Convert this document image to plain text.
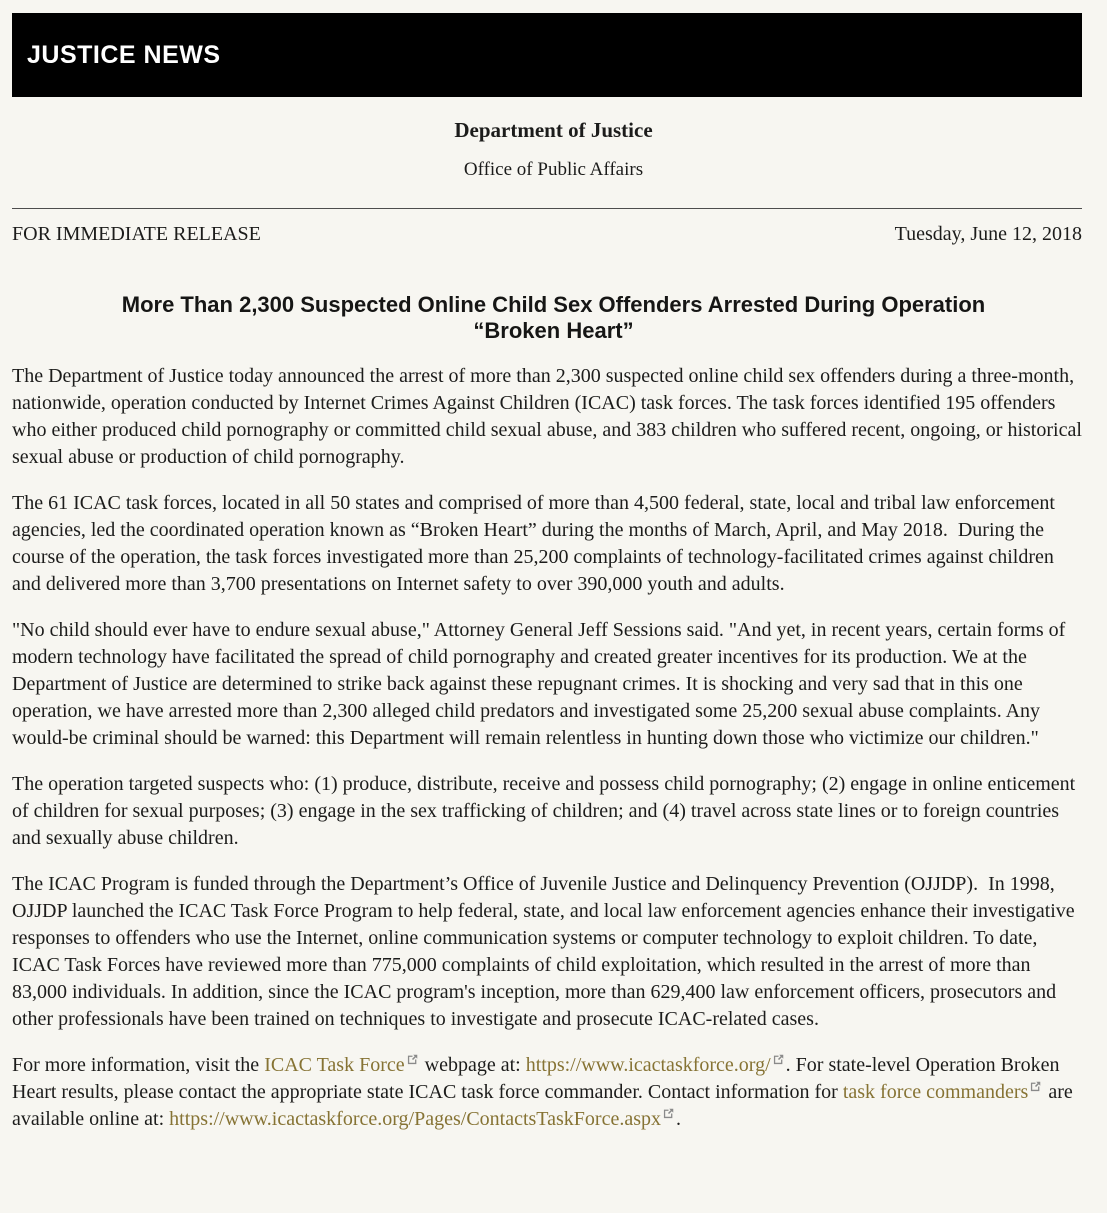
JUSTICE NEWS
Department of Justice
Office of Public Affairs
FOR IMMEDIATE RELEASE	Tuesday, June 12, 2018
More Than 2,300 Suspected Online Child Sex Offenders Arrested During Operation
“Broken Heart”

The Department of Justice today announced the arrest of more than 2,300 suspected online child sex offenders during a three-month, nationwide, operation conducted by Internet Crimes Against Children (ICAC) task forces. The task forces identified 195 offenders who either produced child pornography or committed child sexual abuse, and 383 children who suffered recent, ongoing, or historical sexual abuse or production of child pornography.

The 61 ICAC task forces, located in all 50 states and comprised of more than 4,500 federal, state, local and tribal law enforcement agencies, led the coordinated operation known as “Broken Heart” during the months of March, April, and May 2018.  During the course of the operation, the task forces investigated more than 25,200 complaints of technology-facilitated crimes against children and delivered more than 3,700 presentations on Internet safety to over 390,000 youth and adults.

"No child should ever have to endure sexual abuse," Attorney General Jeff Sessions said. "And yet, in recent years, certain forms of modern technology have facilitated the spread of child pornography and created greater incentives for its production. We at the Department of Justice are determined to strike back against these repugnant crimes. It is shocking and very sad that in this one operation, we have arrested more than 2,300 alleged child predators and investigated some 25,200 sexual abuse complaints. Any would-be criminal should be warned: this Department will remain relentless in hunting down those who victimize our children."

The operation targeted suspects who: (1) produce, distribute, receive and possess child pornography; (2) engage in online enticement of children for sexual purposes; (3) engage in the sex trafficking of children; and (4) travel across state lines or to foreign countries and sexually abuse children.

The ICAC Program is funded through the Department’s Office of Juvenile Justice and Delinquency Prevention (OJJDP).  In 1998, OJJDP launched the ICAC Task Force Program to help federal, state, and local law enforcement agencies enhance their investigative responses to offenders who use the Internet, online communication systems or computer technology to exploit children. To date, ICAC Task Forces have reviewed more than 775,000 complaints of child exploitation, which resulted in the arrest of more than 83,000 individuals. In addition, since the ICAC program's inception, more than 629,400 law enforcement officers, prosecutors and other professionals have been trained on techniques to investigate and prosecute ICAC-related cases.

For more information, visit the ICAC Task Force webpage at: https://www.icactaskforce.org/ . For state-level Operation Broken Heart results, please contact the appropriate state ICAC task force commander. Contact information for task force commanders are available online at: https://www.icactaskforce.org/Pages/ContactsTaskForce.aspx .
